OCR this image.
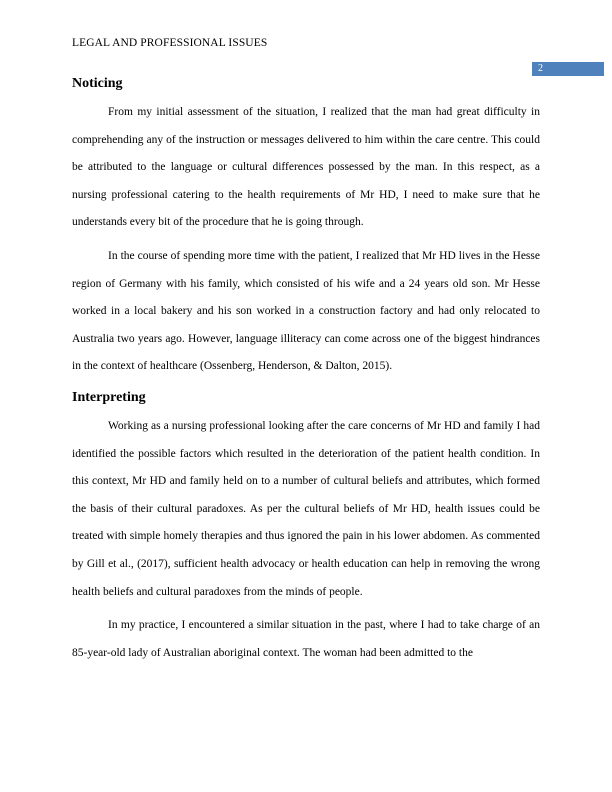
LEGAL AND PROFESSIONAL ISSUES
2
Noticing

From my initial assessment of the situation, I realized that the man had great difficulty in comprehending any of the instruction or messages delivered to him within the care centre. This could be attributed to the language or cultural differences possessed by the man. In this respect, as a nursing professional catering to the health requirements of Mr HD, I need to make sure that he understands every bit of the procedure that he is going through.

In the course of spending more time with the patient, I realized that Mr HD lives in the Hesse region of Germany with his family, which consisted of his wife and a 24 years old son. Mr Hesse worked in a local bakery and his son worked in a construction factory and had only relocated to Australia two years ago. However, language illiteracy can come across one of the biggest hindrances in the context of healthcare (Ossenberg, Henderson, & Dalton, 2015).

Interpreting

Working as a nursing professional looking after the care concerns of Mr HD and family I had identified the possible factors which resulted in the deterioration of the patient health condition. In this context, Mr HD and family held on to a number of cultural beliefs and attributes, which formed the basis of their cultural paradoxes. As per the cultural beliefs of Mr HD, health issues could be treated with simple homely therapies and thus ignored the pain in his lower abdomen. As commented by Gill et al., (2017), sufficient health advocacy or health education can help in removing the wrong health beliefs and cultural paradoxes from the minds of people.

In my practice, I encountered a similar situation in the past, where I had to take charge of an 85-year-old lady of Australian aboriginal context. The woman had been admitted to the
